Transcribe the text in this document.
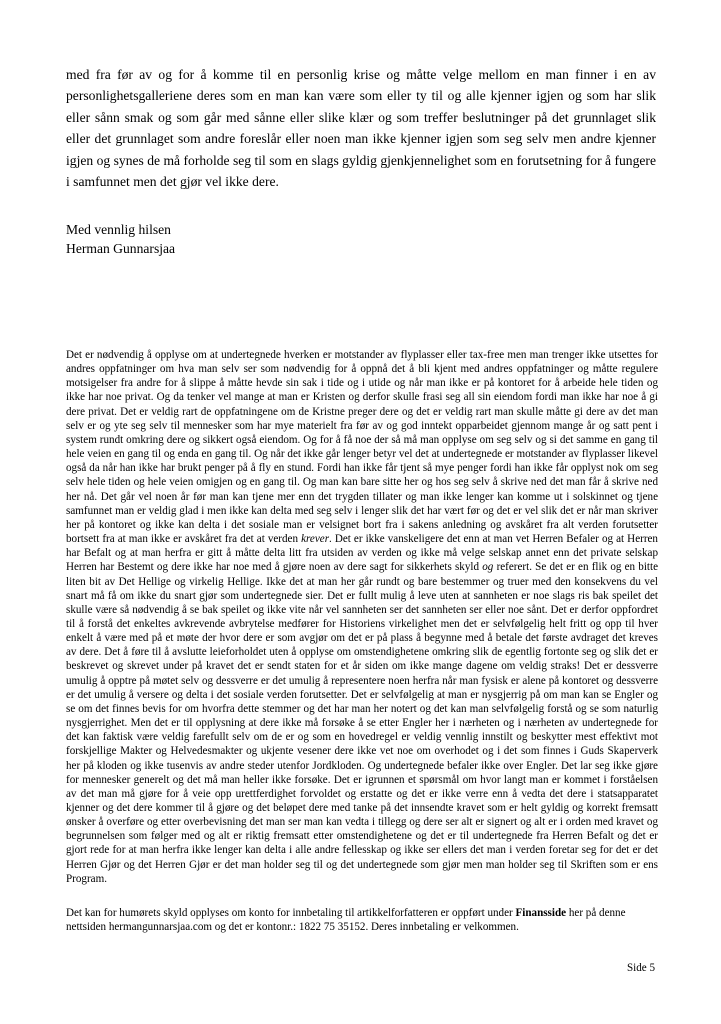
med fra før av og for å komme til en personlig krise og måtte velge mellom en man finner i en av personlighetsgalleriene deres som en man kan være som eller ty til og alle kjenner igjen og som har slik eller sånn smak og som går med sånne eller slike klær og som treffer beslutninger på det grunnlaget slik eller det grunnlaget som andre foreslår eller noen man ikke kjenner igjen som seg selv men andre kjenner igjen og synes de må forholde seg til som en slags gyldig gjenkjennelighet som en forutsetning for å fungere i samfunnet men det gjør vel ikke dere.

Med vennlig hilsen
Herman Gunnarsjaa

Det er nødvendig å opplyse om at undertegnede hverken er motstander av flyplasser eller tax-free men man trenger ikke utsettes for andres oppfatninger om hva man selv ser som nødvendig for å oppnå det å bli kjent med andres oppfatninger og måtte regulere motsigelser fra andre for å slippe å måtte hevde sin sak i tide og i utide og når man ikke er på kontoret for å arbeide hele tiden og ikke har noe privat. Og da tenker vel mange at man er Kristen og derfor skulle frasi seg all sin eiendom fordi man ikke har noe å gi dere privat. Det er veldig rart de oppfatningene om de Kristne preger dere og det er veldig rart man skulle måtte gi dere av det man selv er og yte seg selv til mennesker som har mye materielt fra før av og god inntekt opparbeidet gjennom mange år og satt pent i system rundt omkring dere og sikkert også eiendom. Og for å få noe der så må man opplyse om seg selv og si det samme en gang til hele veien en gang til og enda en gang til. Og når det ikke går lenger betyr vel det at undertegnede er motstander av flyplasser likevel også da når han ikke har brukt penger på å fly en stund. Fordi han ikke får tjent så mye penger fordi han ikke får opplyst nok om seg selv hele tiden og hele veien omigjen og en gang til. Og man kan bare sitte her og hos seg selv å skrive ned det man får å skrive ned her nå. Det går vel noen år før man kan tjene mer enn det trygden tillater og man ikke lenger kan komme ut i solskinnet og tjene samfunnet man er veldig glad i men ikke kan delta med seg selv i lenger slik det har vært før og det er vel slik det er når man skriver her på kontoret og ikke kan delta i det sosiale man er velsignet bort fra i sakens anledning og avskåret fra alt verden forutsetter bortsett fra at man ikke er avskåret fra det at verden krever. Det er ikke vanskeligere det enn at man vet Herren Befaler og at Herren har Befalt og at man herfra er gitt å måtte delta litt fra utsiden av verden og ikke må velge selskap annet enn det private selskap Herren har Bestemt og dere ikke har noe med å gjøre noen av dere sagt for sikkerhets skyld og referert. Se det er en flik og en bitte liten bit av Det Hellige og virkelig Hellige. Ikke det at man her går rundt og bare bestemmer og truer med den konsekvens du vel snart må få om ikke du snart gjør som undertegnede sier. Det er fullt mulig å leve uten at sannheten er noe slags ris bak speilet det skulle være så nødvendig å se bak speilet og ikke vite når vel sannheten ser det sannheten ser eller noe sånt. Det er derfor oppfordret til å forstå det enkeltes avkrevende avbrytelse medfører for Historiens virkelighet men det er selvfølgelig helt fritt og opp til hver enkelt å være med på et møte der hvor dere er som avgjør om det er på plass å begynne med å betale det første avdraget det kreves av dere. Det å føre til å avslutte leieforholdet uten å opplyse om omstendighetene omkring slik de egentlig fortonte seg og slik det er beskrevet og skrevet under på kravet det er sendt staten for et år siden om ikke mange dagene om veldig straks! Det er dessverre umulig å opptre på møtet selv og dessverre er det umulig å representere noen herfra når man fysisk er alene på kontoret og dessverre er det umulig å versere og delta i det sosiale verden forutsetter. Det er selvfølgelig at man er nysgjerrig på om man kan se Engler og se om det finnes bevis for om hvorfra dette stemmer og det har man her notert og det kan man selvfølgelig forstå og se som naturlig nysgjerrighet. Men det er til opplysning at dere ikke må forsøke å se etter Engler her i nærheten og i nærheten av undertegnede for det kan faktisk være veldig farefullt selv om de er og som en hovedregel er veldig vennlig innstilt og beskytter mest effektivt mot forskjellige Makter og Helvedesmakter og ukjente vesener dere ikke vet noe om overhodet og i det som finnes i Guds Skaperverk her på kloden og ikke tusenvis av andre steder utenfor Jordkloden. Og undertegnede befaler ikke over Engler. Det lar seg ikke gjøre for mennesker generelt og det må man heller ikke forsøke. Det er igrunnen et spørsmål om hvor langt man er kommet i forståelsen av det man må gjøre for å veie opp urettferdighet forvoldet og erstatte og det er ikke verre enn å vedta det dere i statsapparatet kjenner og det dere kommer til å gjøre og det beløpet dere med tanke på det innsendte kravet som er helt gyldig og korrekt fremsatt ønsker å overføre og etter overbevisning det man ser man kan vedta i tillegg og dere ser alt er signert og alt er i orden med kravet og begrunnelsen som følger med og alt er riktig fremsatt etter omstendighetene og det er til undertegnede fra Herren Befalt og det er gjort rede for at man herfra ikke lenger kan delta i alle andre fellesskap og ikke ser ellers det man i verden foretar seg for det er det Herren Gjør og det Herren Gjør er det man holder seg til og det undertegnede som gjør men man holder seg til Skriften som er ens Program.

Det kan for humørets skyld opplyses om konto for innbetaling til artikkelforfatteren er oppført under Finansside her på denne nettsiden hermangunnarsjaa.com og det er kontonr.: 1822 75 35152. Deres innbetaling er velkommen.

Side 5
